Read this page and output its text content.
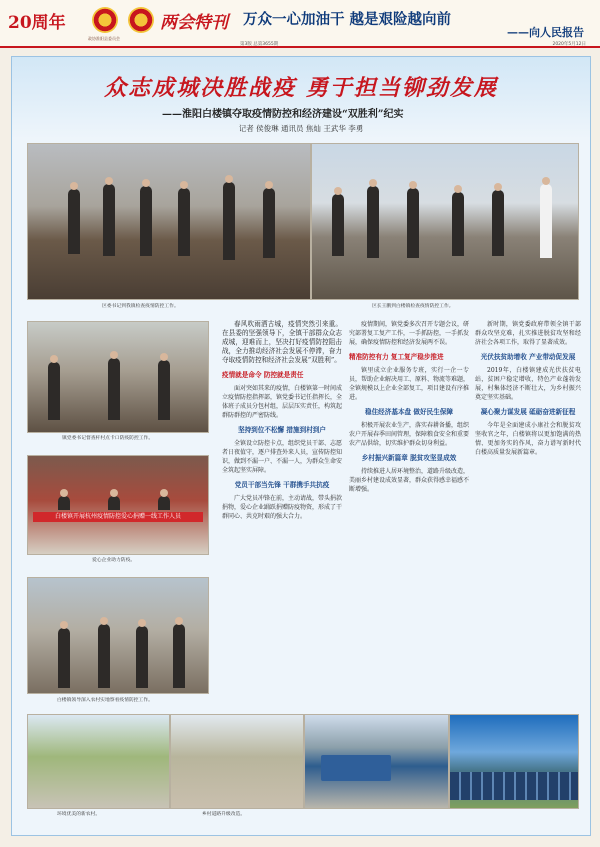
20周年
政协淮阳县委员会
两会特刊 万众一心加油干 越是艰险越向前
——向人民报告
第3版 总第3655期	2020年5月12日
众志成城决胜战疫 勇于担当铆劲发展
——淮阳白楼镇夺取疫情防控和经济建设“双胜利”纪实
记者 侯俊琳 通讯员 焦灿 王武华 李勇
区委书记到我镇检查疫情防控工作。	区长王鹏到白楼镇检查疫情防控工作。
镇党委书记督查杆村点卡口防疫防控工作。
白楼镇开展杭州疫情防控爱心捐赠一线工作人员
爱心企业助力防疫。
白楼镇领导深入农村实地察看疫情防控工作。
环境优美的新农村。	乡村道路升级改造。

春风吹雨洒古城，疫情突然引来重。在县委的坚强领导下，全镇干部群众众志成城，迎难而上，坚决打好疫情防控阻击战，全力推动经济社会发展不停滞，奋力夺取疫情防控和经济社会发展“双胜利”。

疫情就是命令 防控就是责任

面对突如其来的疫情，白楼镇第一时间成立疫情防控指挥部，镇党委书记任指挥长，全体班子成员分包村组，层层压实责任，构筑起群防群控的严密防线。

坚持到位不松懈 措施到村到户

全镇设立防控卡点，组织党员干部、志愿者日夜值守，逐户排查外来人员，宣传防控知识，做到不漏一户、不漏一人，为群众生命安全筑起坚实屏障。

党员干部当先锋 干群携手共抗疫

广大党员冲锋在前，主动请战，带头捐款捐物，爱心企业踊跃捐赠防疫物资，形成了干群同心、共克时艰的强大合力。

疫情期间，镇党委多次召开专题会议，研究部署复工复产工作，一手抓防控，一手抓发展，确保疫情防控和经济发展两不误。

精准防控有力 复工复产稳步推进

镇里成立企业服务专班，实行一企一专员，帮助企业解决用工、原料、物流等难题，全镇规模以上企业全部复工，项目建设有序推进。

稳住经济基本盘 做好民生保障

积极开展农业生产，落实春耕备播，组织农户开展春季田间管理，保障粮食安全和重要农产品供给，切实维护群众切身利益。

乡村振兴新篇章 脱贫攻坚显成效

持续推进人居环境整治，道路升级改造，美丽乡村建设成效显著，群众获得感幸福感不断增强。

新时期，镇党委政府带领全镇干部群众攻坚克难，扎实推进脱贫攻坚和经济社会各项工作，取得了显著成效。

光伏扶贫助增收 产业带动促发展

2019年，白楼镇建成光伏扶贫电站，贫困户稳定增收，特色产业蓬勃发展，村集体经济不断壮大，为乡村振兴奠定坚实基础。

凝心聚力谋发展 砥砺奋进新征程

今年是全面建成小康社会和脱贫攻坚收官之年，白楼镇将以更加饱满的热情、更加务实的作风，奋力谱写新时代白楼高质量发展新篇章。
